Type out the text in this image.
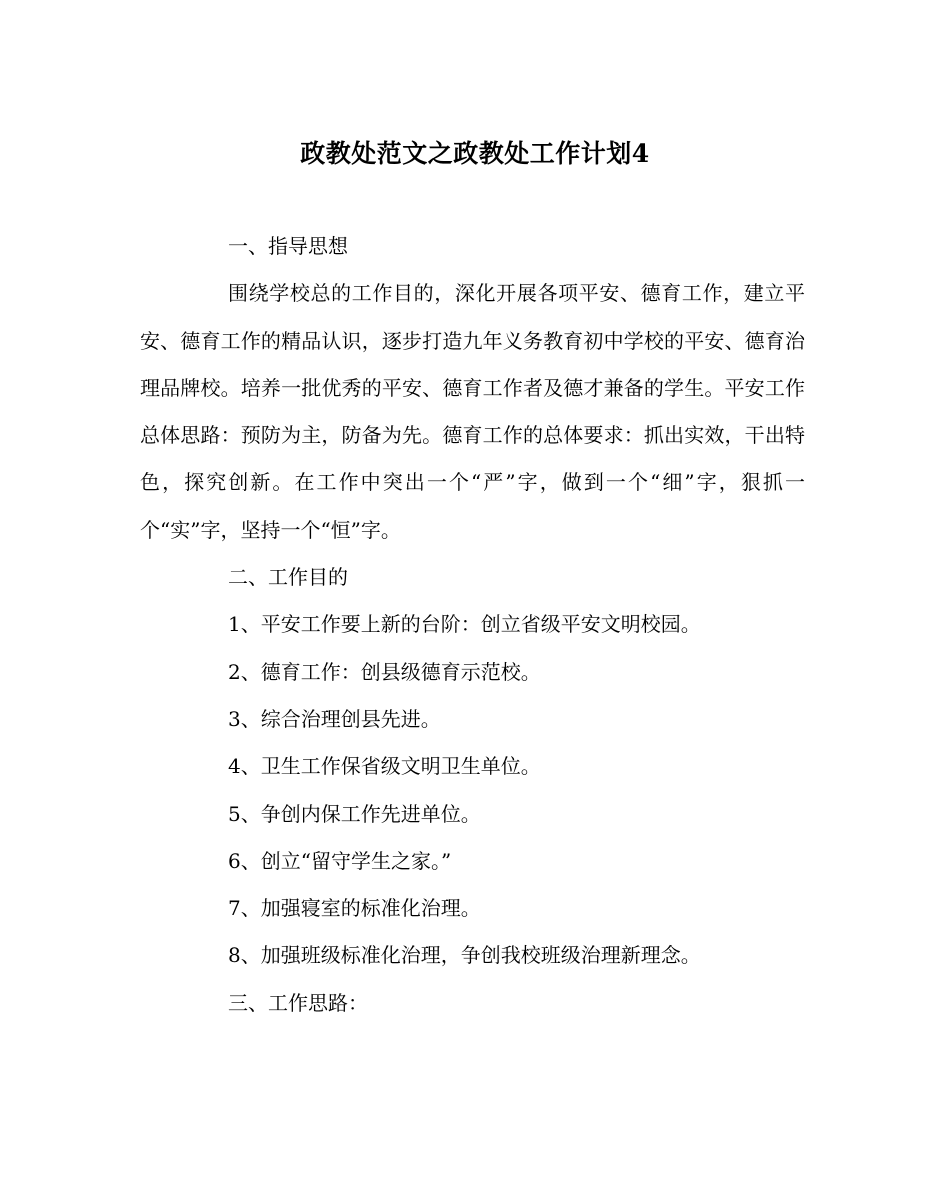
政教处范文之政教处工作计划4

一、指导思想

围绕学校总的工作目的，深化开展各项平安、德育工作，建立平安、德育工作的精品认识，逐步打造九年义务教育初中学校的平安、德育治理品牌校。培养一批优秀的平安、德育工作者及德才兼备的学生。平安工作总体思路：预防为主，防备为先。德育工作的总体要求：抓出实效，干出特色，探究创新。在工作中突出一个“严”字，做到一个“细”字，狠抓一个“实”字，坚持一个“恒”字。

二、工作目的

1、平安工作要上新的台阶：创立省级平安文明校园。

2、德育工作：创县级德育示范校。

3、综合治理创县先进。

4、卫生工作保省级文明卫生单位。

5、争创内保工作先进单位。

6、创立“留守学生之家。”

7、加强寝室的标准化治理。

8、加强班级标准化治理，争创我校班级治理新理念。

三、工作思路：
